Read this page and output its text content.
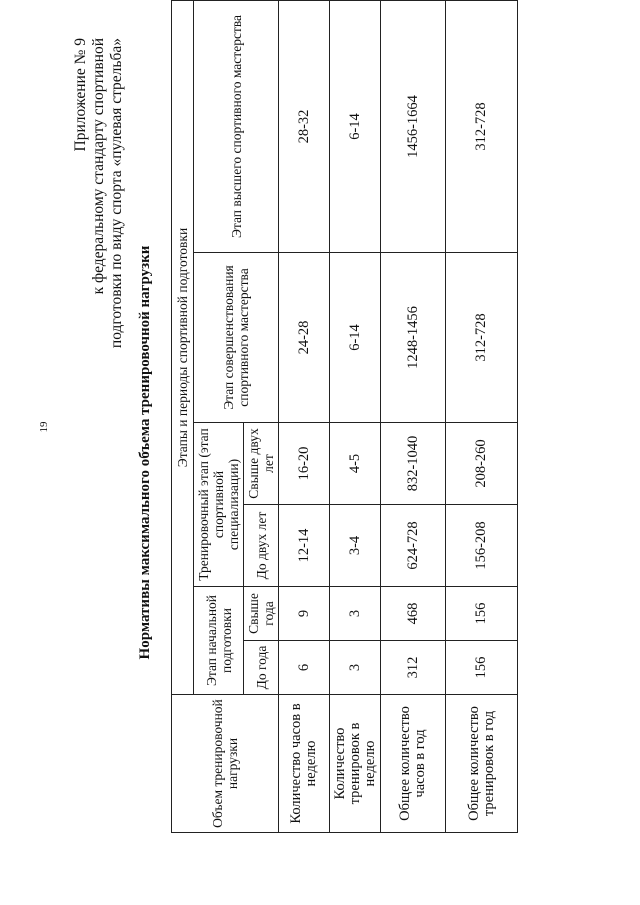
19
Приложение № 9 к федеральному стандарту спортивной подготовки по виду спорта «пулевая стрельба»
Нормативы максимального объема тренировочной нагрузки
Объем тренировочной нагрузки	Этапы и периоды спортивной подготовки					
	Этап начальной подготовки		Тренировочный этап (этап спортивной специализации)		Этап совершенствования спортивного мастерства	Этап высшего спортивного мастерства
	До года	Свыше года	До двух лет	Свыше двух лет		
Количество часов в неделю	6	9	12-14	16-20	24-28	28-32
Количество тренировок в неделю	3	3	3-4	4-5	6-14	6-14
Общее количество часов в год	312	468	624-728	832-1040	1248-1456	1456-1664
Общее количество тренировок в год	156	156	156-208	208-260	312-728	312-728
